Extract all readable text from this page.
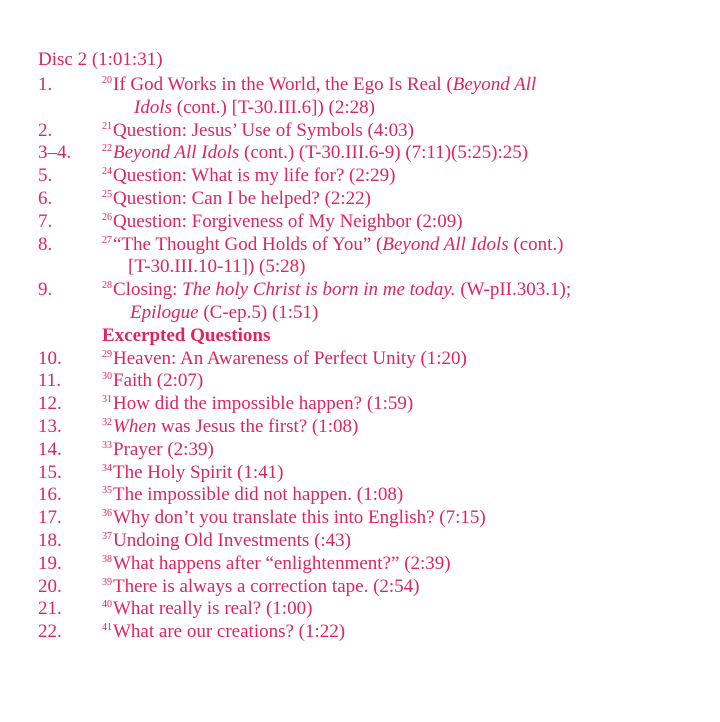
Disc 2 (1:01:31)
1.	$^{20}$If God Works in the World, the Ego Is Real (Beyond All
Idols (cont.) [T-30.III.6]) (2:28)
2.	$^{21}$Question: Jesus’ Use of Symbols (4:03)
3–4.	$^{22}$Beyond All Idols (cont.) (T-30.III.6-9) (7:11)(5:25):25)
5.	$^{24}$Question: What is my life for? (2:29)
6.	$^{25}$Question: Can I be helped? (2:22)
7.	$^{26}$Question: Forgiveness of My Neighbor (2:09)
8.	$^{27}$“The Thought God Holds of You” (Beyond All Idols (cont.)
[T-30.III.10-11]) (5:28)
9.	$^{28}$Closing: The holy Christ is born in me today. (W-pII.303.1);
Epilogue (C-ep.5) (1:51)
Excerpted Questions
10.	$^{29}$Heaven: An Awareness of Perfect Unity (1:20)
11.	$^{30}$Faith (2:07)
12.	$^{31}$How did the impossible happen? (1:59)
13.	$^{32}$When was Jesus the first? (1:08)
14.	$^{33}$Prayer (2:39)
15.	$^{34}$The Holy Spirit (1:41)
16.	$^{35}$The impossible did not happen. (1:08)
17.	$^{36}$Why don’t you translate this into English? (7:15)
18.	$^{37}$Undoing Old Investments (:43)
19.	$^{38}$What happens after “enlightenment?” (2:39)
20.	$^{39}$There is always a correction tape. (2:54)
21.	$^{40}$What really is real? (1:00)
22.	$^{41}$What are our creations? (1:22)
